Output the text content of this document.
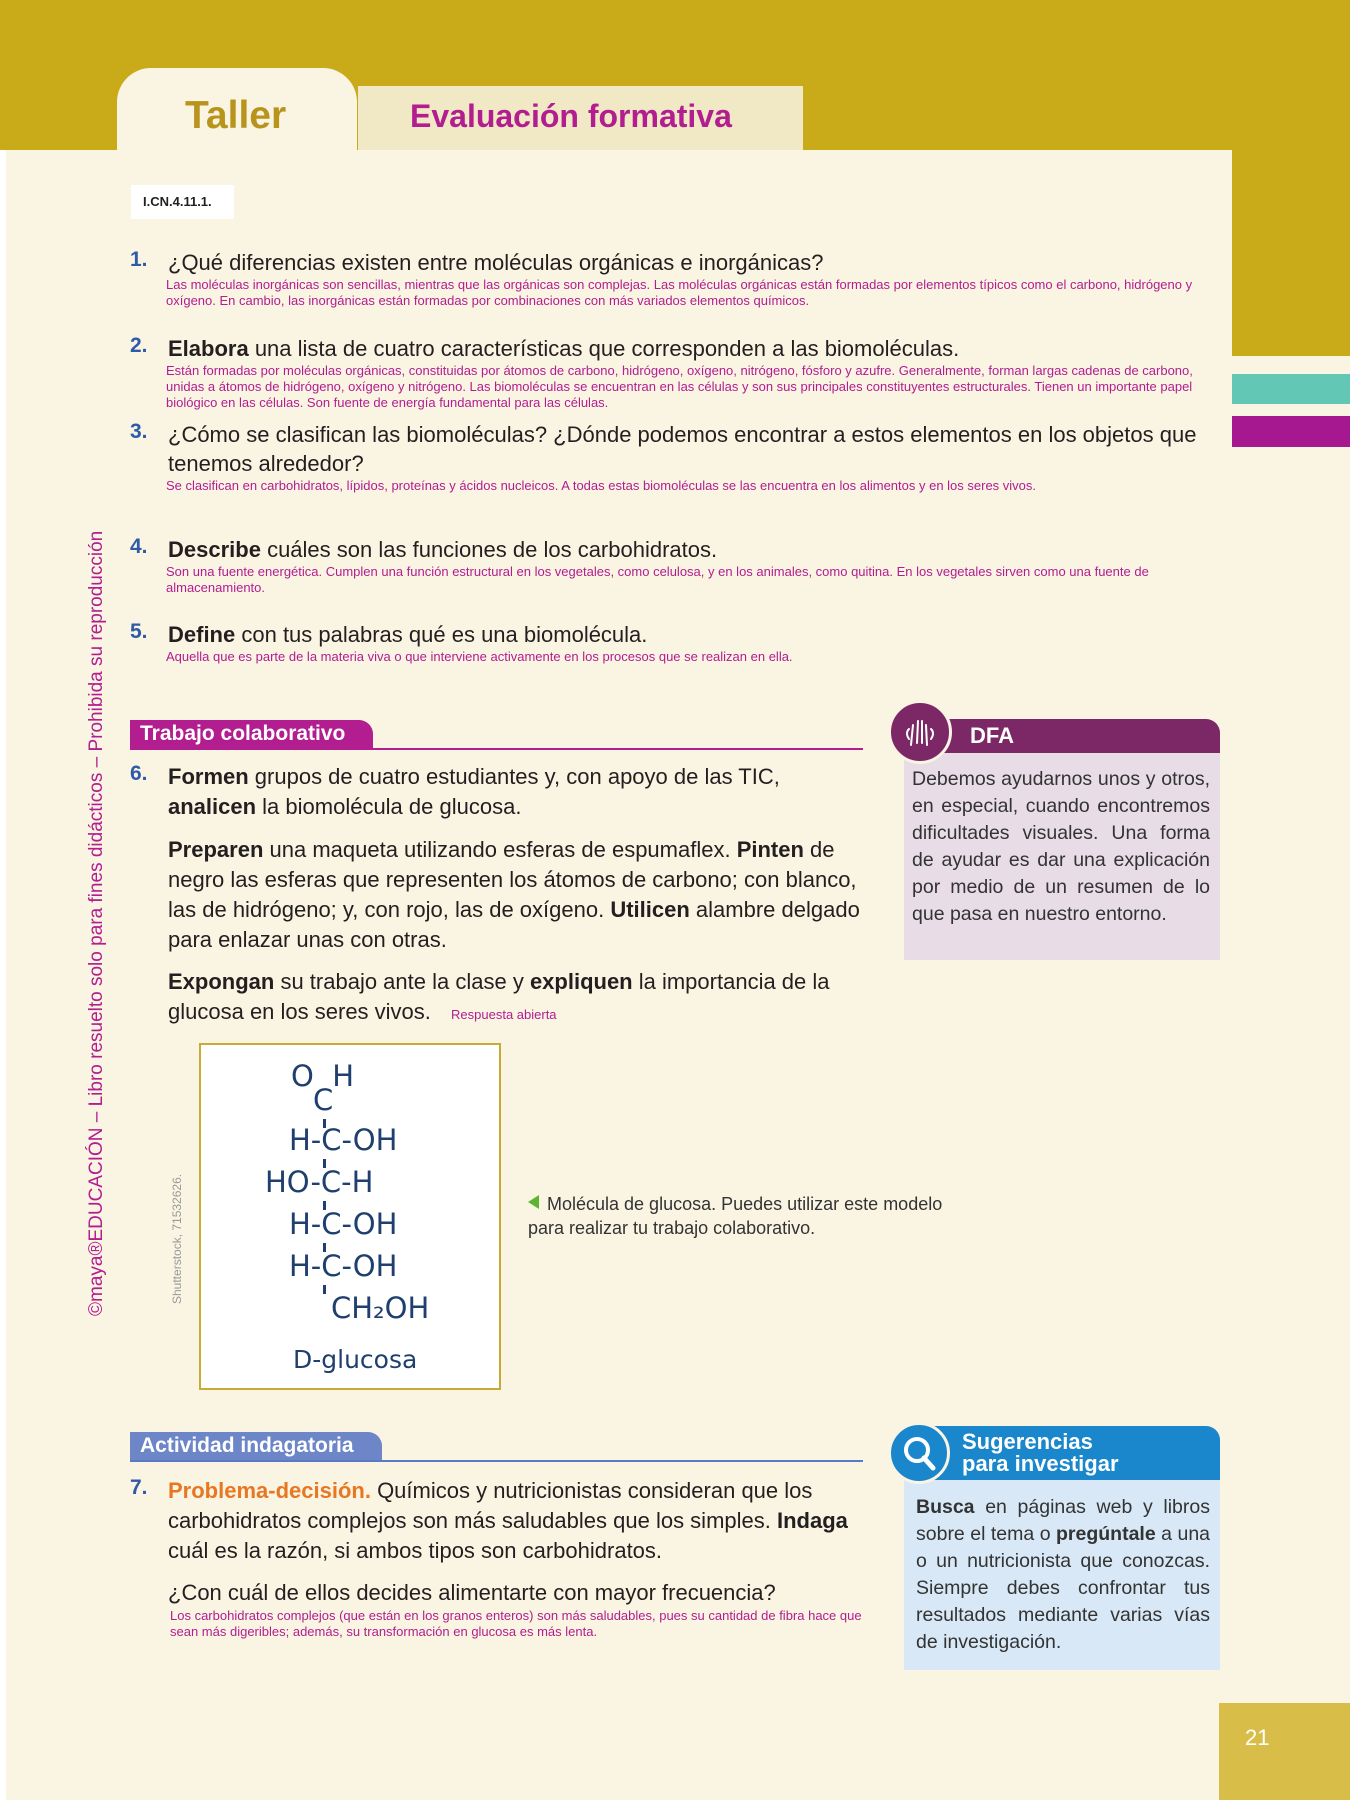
Taller	Evaluación formativa
I.CN.4.11.1.
1. ¿Qué diferencias existen entre moléculas orgánicas e inorgánicas?
Las moléculas inorgánicas son sencillas, mientras que las orgánicas son complejas. Las moléculas orgánicas están formadas por elementos típicos como el carbono, hidrógeno y oxígeno. En cambio, las inorgánicas están formadas por combinaciones con más variados elementos químicos.
2. Elabora una lista de cuatro características que corresponden a las biomoléculas.
Están formadas por moléculas orgánicas, constituidas por átomos de carbono, hidrógeno, oxígeno, nitrógeno, fósforo y azufre. Generalmente, forman largas cadenas de carbono, unidas a átomos de hidrógeno, oxígeno y nitrógeno. Las biomoléculas se encuentran en las células y son sus principales constituyentes estructurales. Tienen un importante papel biológico en las células. Son fuente de energía fundamental para las células.
3. ¿Cómo se clasifican las biomoléculas? ¿Dónde podemos encontrar a estos elementos en los objetos que tenemos alrededor?
Se clasifican en carbohidratos, lípidos, proteínas y ácidos nucleicos. A todas estas biomoléculas se las encuentra en los alimentos y en los seres vivos.
4. Describe cuáles son las funciones de los carbohidratos.
Son una fuente energética. Cumplen una función estructural en los vegetales, como celulosa, y en los animales, como quitina. En los vegetales sirven como una fuente de almacenamiento.
5. Define con tus palabras qué es una biomolécula.
Aquella que es parte de la materia viva o que interviene activamente en los procesos que se realizan en ella.
Trabajo colaborativo
6. Formen grupos de cuatro estudiantes y, con apoyo de las TIC, analicen la biomolécula de glucosa.
Preparen una maqueta utilizando esferas de espumaflex. Pinten de negro las esferas que representen los átomos de carbono; con blanco, las de hidrógeno; y, con rojo, las de oxígeno. Utilicen alambre delgado para enlazar unas con otras.
Expongan su trabajo ante la clase y expliquen la importancia de la glucosa en los seres vivos. Respuesta abierta
Debemos ayudarnos unos y otros, en especial, cuando encontremos dificultades visuales. Una forma de ayudar es dar una explicación por medio de un resumen de lo que pasa en nuestro entorno.
DFA
O  H
C
H-C-OH
HO-C-H
H-C-OH
H-C-OH
CH₂OH
D-glucosa
Shutterstock, 71532626.	Molécula de glucosa. Puedes utilizar este modelo para realizar tu trabajo colaborativo.
Actividad indagatoria
7. Problema-decisión. Químicos y nutricionistas consideran que los carbohidratos complejos son más saludables que los simples. Indaga cuál es la razón, si ambos tipos son carbohidratos.
¿Con cuál de ellos decides alimentarte con mayor frecuencia?
Los carbohidratos complejos (que están en los granos enteros) son más saludables, pues su cantidad de fibra hace que sean más digeribles; además, su transformación en glucosa es más lenta.
Busca en páginas web y libros sobre el tema o pregúntale a una o un nutricionista que conozcas. Siempre debes confrontar tus resultados mediante varias vías de investigación.
Sugerencias
para investigar
©maya®EDUCACIÓN – Libro resuelto solo para fines didácticos – Prohibida su reproducción
21
